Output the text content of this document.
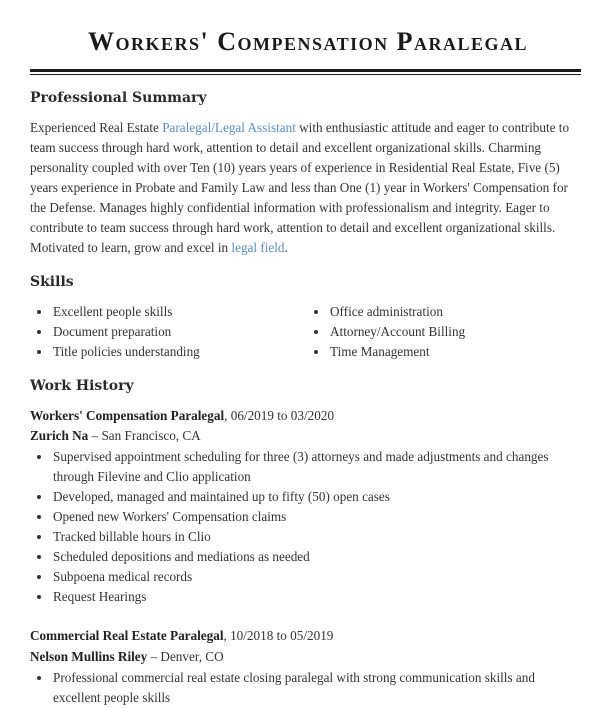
Workers' Compensation Paralegal
Professional Summary
Experienced Real Estate Paralegal/Legal Assistant with enthusiastic attitude and eager to contribute to team success through hard work, attention to detail and excellent organizational skills. Charming personality coupled with over Ten (10) years years of experience in Residential Real Estate, Five (5) years experience in Probate and Family Law and less than One (1) year in Workers' Compensation for the Defense. Manages highly confidential information with professionalism and integrity. Eager to contribute to team success through hard work, attention to detail and excellent organizational skills. Motivated to learn, grow and excel in legal field.
Skills
Excellent people skills
Document preparation
Title policies understanding
Office administration
Attorney/Account Billing
Time Management
Work History
Workers' Compensation Paralegal, 06/2019 to 03/2020
Zurich Na – San Francisco, CA
Supervised appointment scheduling for three (3) attorneys and made adjustments and changes through Filevine and Clio application
Developed, managed and maintained up to fifty (50) open cases
Opened new Workers' Compensation claims
Tracked billable hours in Clio
Scheduled depositions and mediations as needed
Subpoena medical records
Request Hearings
Commercial Real Estate Paralegal, 10/2018 to 05/2019
Nelson Mullins Riley – Denver, CO
Professional commercial real estate closing paralegal with strong communication skills and excellent people skills
